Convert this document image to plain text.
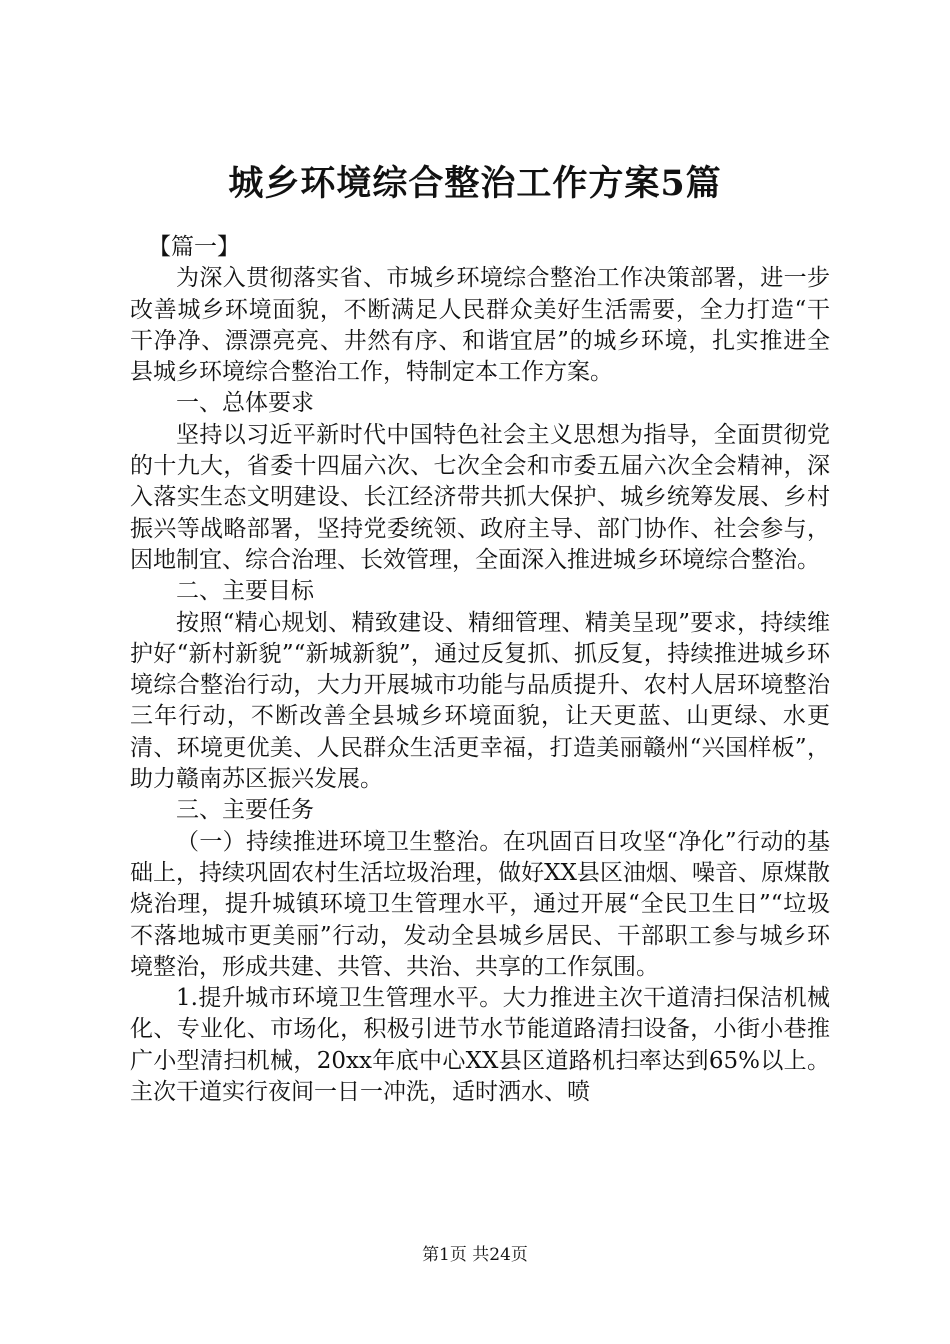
城乡环境综合整治工作方案5篇

【篇一】

为深入贯彻落实省、市城乡环境综合整治工作决策部署，进一步改善城乡环境面貌，不断满足人民群众美好生活需要，全力打造“干干净净、漂漂亮亮、井然有序、和谐宜居”的城乡环境，扎实推进全县城乡环境综合整治工作，特制定本工作方案。

一、总体要求

坚持以习近平新时代中国特色社会主义思想为指导，全面贯彻党的十九大，省委十四届六次、七次全会和市委五届六次全会精神，深入落实生态文明建设、长江经济带共抓大保护、城乡统筹发展、乡村振兴等战略部署，坚持党委统领、政府主导、部门协作、社会参与，因地制宜、综合治理、长效管理，全面深入推进城乡环境综合整治。

二、主要目标

按照“精心规划、精致建设、精细管理、精美呈现”要求，持续维护好“新村新貌”“新城新貌”，通过反复抓、抓反复，持续推进城乡环境综合整治行动，大力开展城市功能与品质提升、农村人居环境整治三年行动，不断改善全县城乡环境面貌，让天更蓝、山更绿、水更清、环境更优美、人民群众生活更幸福，打造美丽赣州“兴国样板”，助力赣南苏区振兴发展。

三、主要任务

（一）持续推进环境卫生整治。在巩固百日攻坚“净化”行动的基础上，持续巩固农村生活垃圾治理，做好XX县区油烟、噪音、原煤散烧治理，提升城镇环境卫生管理水平，通过开展“全民卫生日”“垃圾不落地城市更美丽”行动，发动全县城乡居民、干部职工参与城乡环境整治，形成共建、共管、共治、共享的工作氛围。

1.提升城市环境卫生管理水平。大力推进主次干道清扫保洁机械化、专业化、市场化，积极引进节水节能道路清扫设备，小街小巷推广小型清扫机械，20xx年底中心XX县区道路机扫率达到65%以上。主次干道实行夜间一日一冲洗，适时洒水、喷

第1页 共24页
